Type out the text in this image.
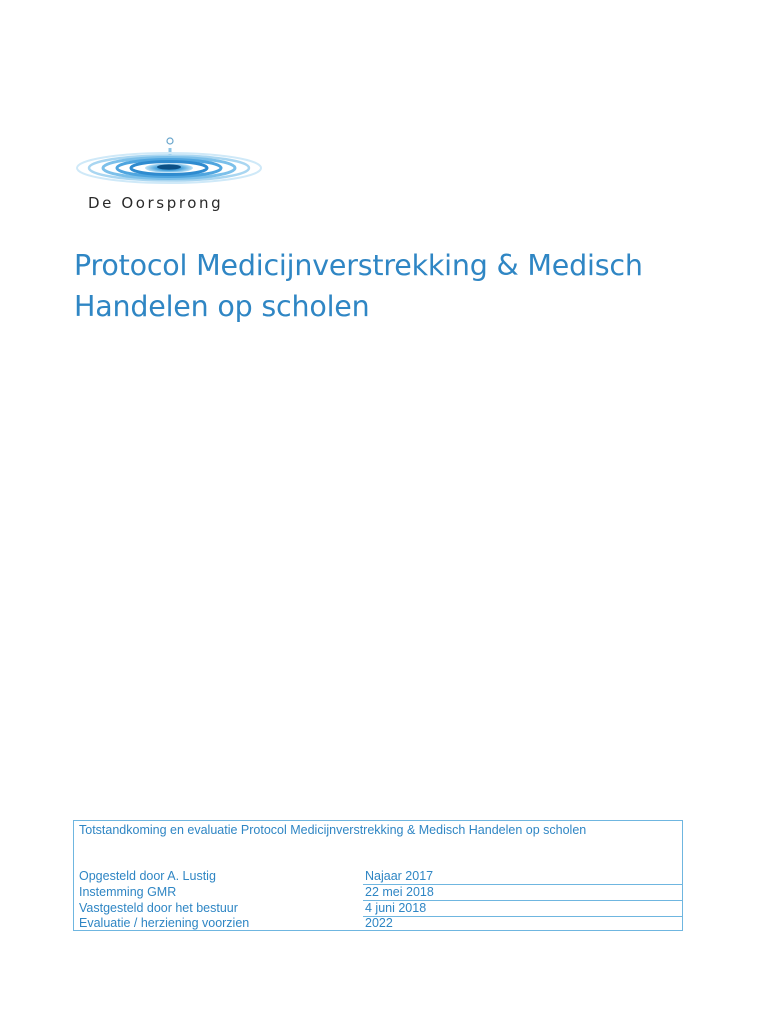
De Oorsprong
Protocol Medicijnverstrekking & Medisch
Handelen op scholen
Totstandkoming en evaluatie Protocol Medicijnverstrekking & Medisch Handelen op scholen
Opgesteld door A. Lustig	Najaar 2017
Instemming GMR	22 mei 2018
Vastgesteld door het bestuur	4 juni 2018
Evaluatie / herziening voorzien	2022
